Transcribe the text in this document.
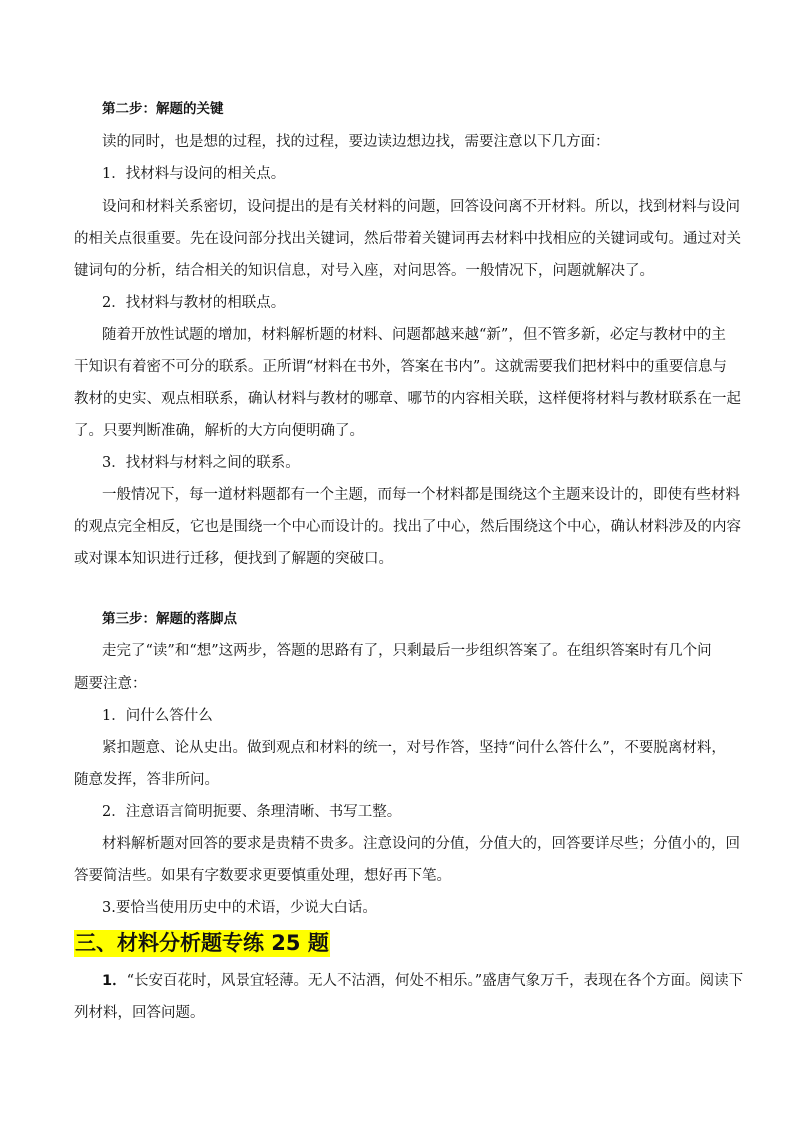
第二步：解题的关键
读的同时，也是想的过程，找的过程，要边读边想边找，需要注意以下几方面：
1．找材料与设问的相关点。
设问和材料关系密切，设问提出的是有关材料的问题，回答设问离不开材料。所以，找到材料与设问
的相关点很重要。先在设问部分找出关键词，然后带着关键词再去材料中找相应的关键词或句。通过对关
键词句的分析，结合相关的知识信息，对号入座，对问思答。一般情况下，问题就解决了。
2．找材料与教材的相联点。
随着开放性试题的增加，材料解析题的材料、问题都越来越“新”，但不管多新，必定与教材中的主
干知识有着密不可分的联系。正所谓“材料在书外，答案在书内”。这就需要我们把材料中的重要信息与
教材的史实、观点相联系，确认材料与教材的哪章、哪节的内容相关联，这样便将材料与教材联系在一起
了。只要判断准确，解析的大方向便明确了。
3．找材料与材料之间的联系。
一般情况下，每一道材料题都有一个主题，而每一个材料都是围绕这个主题来设计的，即使有些材料
的观点完全相反，它也是围绕一个中心而设计的。找出了中心，然后围绕这个中心，确认材料涉及的内容
或对课本知识进行迁移，便找到了解题的突破口。
第三步：解题的落脚点
走完了“读”和“想”这两步，答题的思路有了，只剩最后一步组织答案了。在组织答案时有几个问
题要注意：
1．问什么答什么
紧扣题意、论从史出。做到观点和材料的统一，对号作答，坚持“问什么答什么”，不要脱离材料，
随意发挥，答非所问。
2．注意语言简明扼要、条理清晰、书写工整。
材料解析题对回答的要求是贵精不贵多。注意设问的分值，分值大的，回答要详尽些；分值小的，回
答要简洁些。如果有字数要求更要慎重处理，想好再下笔。
3.要恰当使用历史中的术语，少说大白话。
三、材料分析题专练 25 题
1．“长安百花时，风景宜轻薄。无人不沽酒，何处不相乐。”盛唐气象万千，表现在各个方面。阅读下
列材料，回答问题。
